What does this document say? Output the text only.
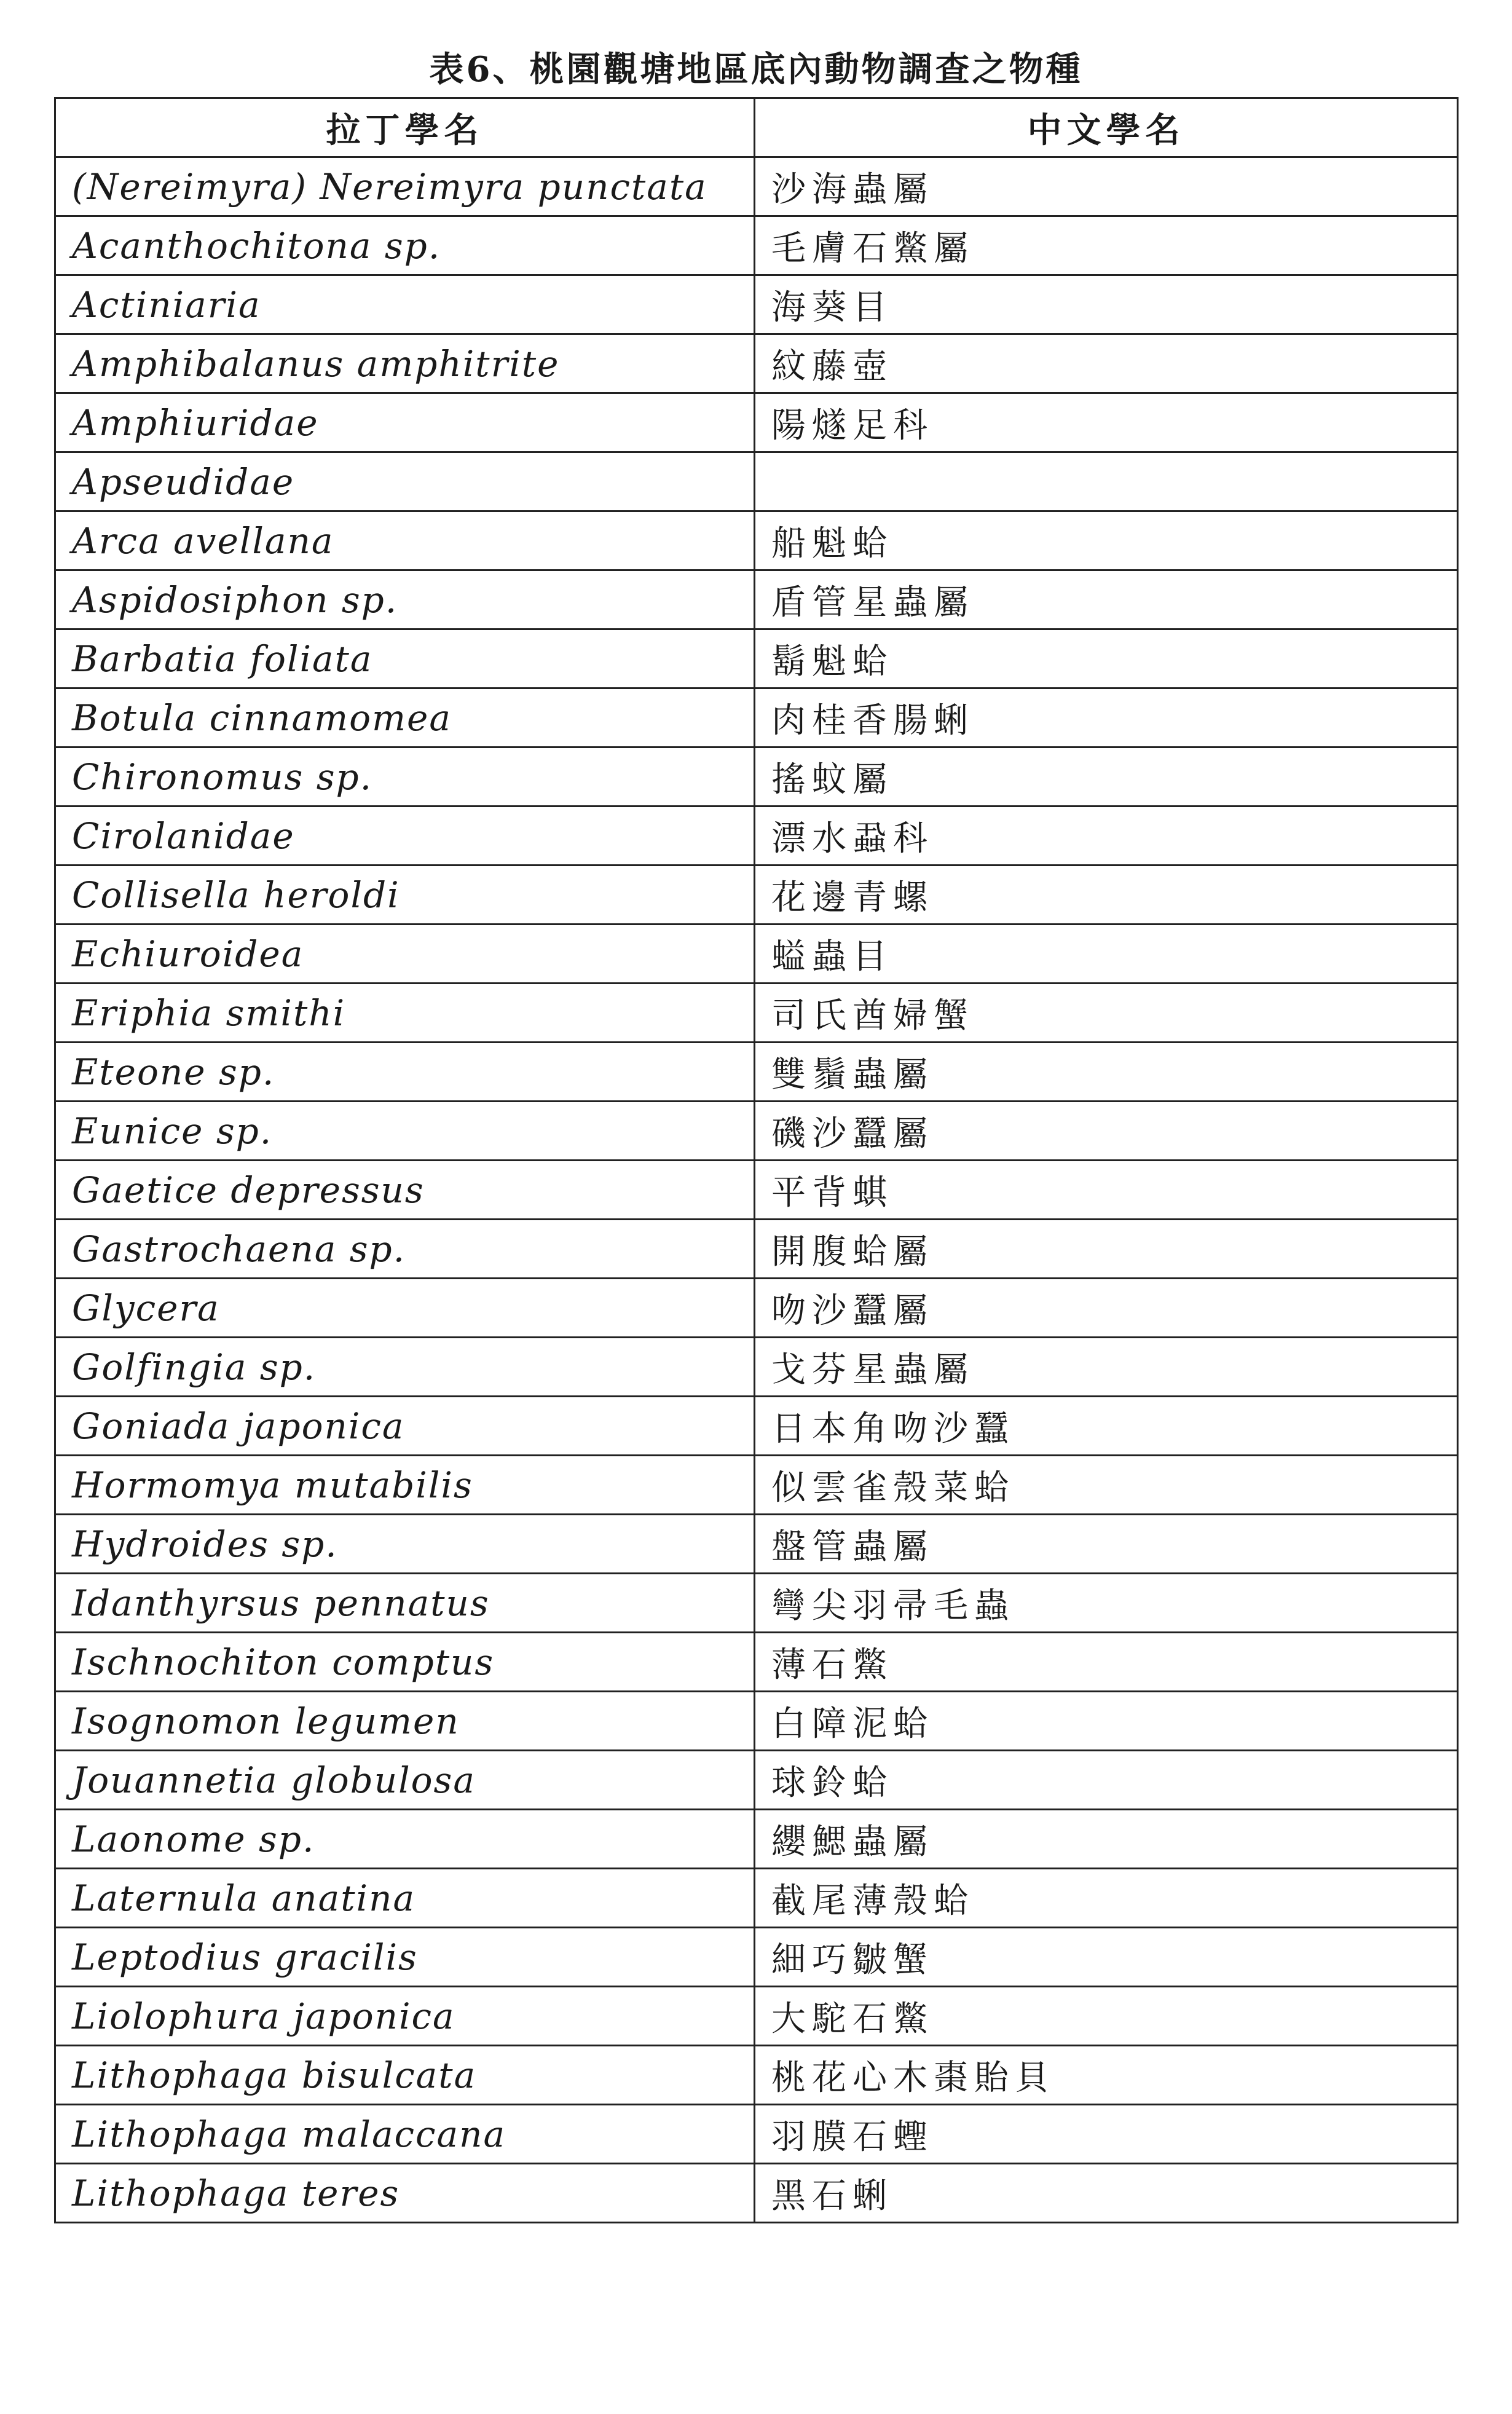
表6、桃園觀塘地區底內動物調查之物種
拉丁學名	中文學名
(Nereimyra) Nereimyra punctata	沙海蟲屬
Acanthochitona sp.	毛膚石鱉屬
Actiniaria	海葵目
Amphibalanus amphitrite	紋藤壺
Amphiuridae	陽燧足科
Apseudidae	
Arca avellana	船魁蛤
Aspidosiphon sp.	盾管星蟲屬
Barbatia foliata	鬍魁蛤
Botula cinnamomea	肉桂香腸蜊
Chironomus sp.	搖蚊屬
Cirolanidae	漂水蝨科
Collisella heroldi	花邊青螺
Echiuroidea	螠蟲目
Eriphia smithi	司氏酋婦蟹
Eteone sp.	雙鬚蟲屬
Eunice sp.	磯沙蠶屬
Gaetice depressus	平背蜞
Gastrochaena sp.	開腹蛤屬
Glycera	吻沙蠶屬
Golfingia sp.	戈芬星蟲屬
Goniada japonica	日本角吻沙蠶
Hormomya mutabilis	似雲雀殼菜蛤
Hydroides sp.	盤管蟲屬
Idanthyrsus pennatus	彎尖羽帚毛蟲
Ischnochiton comptus	薄石鱉
Isognomon legumen	白障泥蛤
Jouannetia globulosa	球鈴蛤
Laonome sp.	纓鰓蟲屬
Laternula anatina	截尾薄殼蛤
Leptodius gracilis	細巧皺蟹
Liolophura japonica	大駝石鱉
Lithophaga bisulcata	桃花心木棗貽貝
Lithophaga malaccana	羽膜石蟶
Lithophaga teres	黑石蜊
